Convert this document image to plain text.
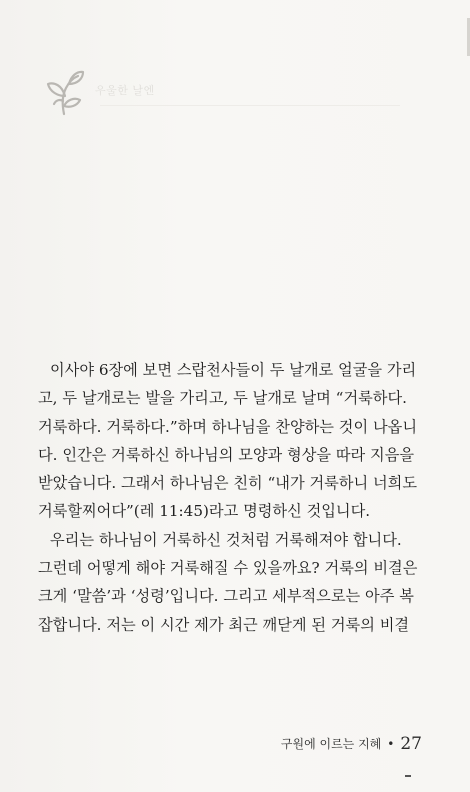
우울한 날엔
이사야 6장에 보면 스랍천사들이 두 날개로 얼굴을 가리
고, 두 날개로는 발을 가리고, 두 날개로 날며 “거룩하다.
거룩하다. 거룩하다.”하며 하나님을 찬양하는 것이 나옵니
다. 인간은 거룩하신 하나님의 모양과 형상을 따라 지음을
받았습니다. 그래서 하나님은 친히 “내가 거룩하니 너희도
거룩할찌어다”(레 11:45)라고 명령하신 것입니다.
우리는 하나님이 거룩하신 것처럼 거룩해져야 합니다.
그런데 어떻게 해야 거룩해질 수 있을까요? 거룩의 비결은
크게 ‘말씀’과 ‘성령’입니다. 그리고 세부적으로는 아주 복
잡합니다. 저는 이 시간 제가 최근 깨닫게 된 거룩의 비결
구원에 이르는 지혜 • 27
